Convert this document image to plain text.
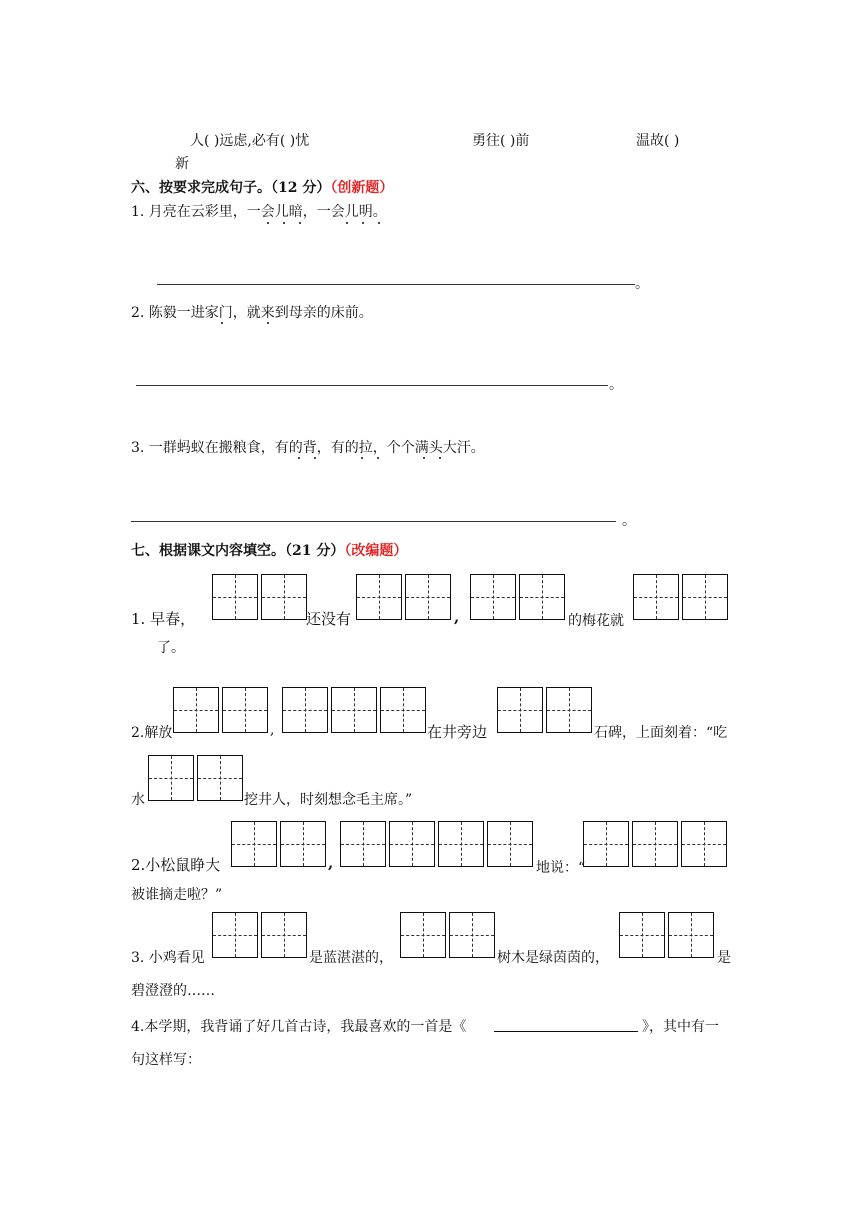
人( )远虑,必有( )忧	勇往( )前	温故( )
新
六、按要求完成句子。（12 分）（创新题）
1. 月亮在云彩里，一会儿暗，一会儿明。
。
2. 陈毅一进家门，就来到母亲的床前。
。
3. 一群蚂蚁在搬粮食，有的背，有的拉，个个满头大汗。
。
七、根据课文内容填空。（21 分）（改编题）
1. 早春，	还没有	,	的梅花就
了。
2.解放	,	在井旁边	石碑，上面刻着：“吃
水	挖井人，时刻想念毛主席。”
2.小松鼠睁大	,	地说：“
被谁摘走啦？”
3. 小鸡看见	是蓝湛湛的，	树木是绿茵茵的，	是
碧澄澄的……
4.本学期，我背诵了好几首古诗，我最喜欢的一首是《	》，其中有一
句这样写：
